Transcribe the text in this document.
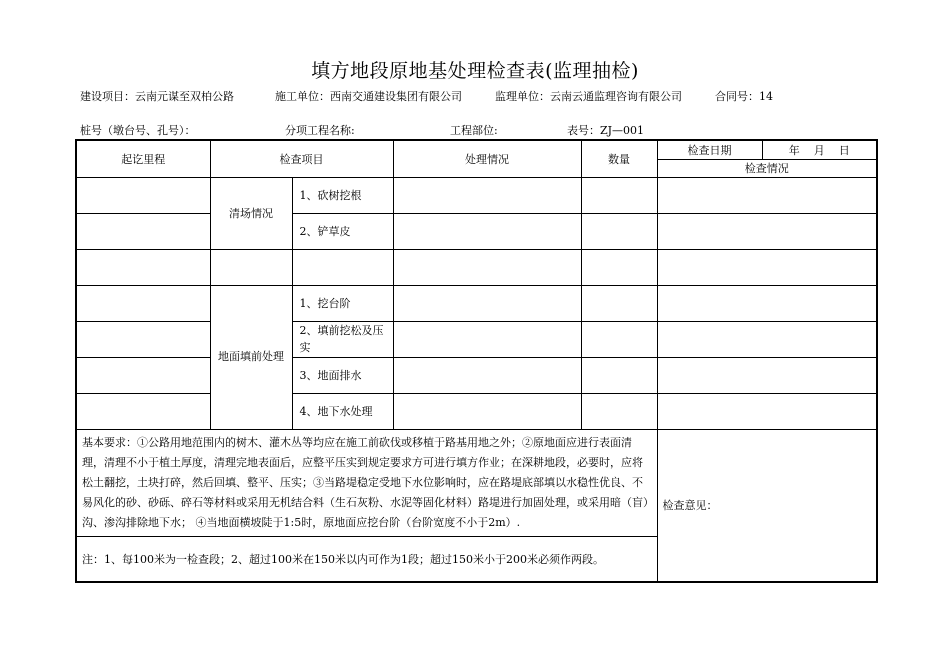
填方地段原地基处理检查表(监理抽检)
建设项目：云南元谋至双柏公路	施工单位：西南交通建设集团有限公司	监理单位：云南云通监理咨询有限公司	合同号：14
桩号（墩台号、孔号）：	分项工程名称:	工程部位:	表号：ZJ—001
起讫里程	检查项目		处理情况	数量	检查日期	年    月    日
					检查情况	
	清场情况	1、砍树挖根				
		2、铲草皮				

	地面填前处理	1、挖台阶				
		2、填前挖松及压实				
		3、地面排水				
		4、地下水处理				
基本要求：①公路用地范围内的树木、灌木丛等均应在施工前砍伐或移植于路基用地之外；②原地面应进行表面清理，清理不小于植土厚度，清理完地表面后，应整平压实到规定要求方可进行填方作业；在深耕地段，必要时，应将松土翻挖，土块打碎，然后回填、整平、压实；③当路堤稳定受地下水位影响时，应在路堤底部填以水稳性优良、不易风化的砂、砂砾、碎石等材料或采用无机结合料（生石灰粉、水泥等固化材料）路堤进行加固处理，或采用暗（盲）沟、渗沟排除地下水； ④当地面横坡陡于1:5时，原地面应挖台阶（台阶宽度不小于2m）.					检查意见：	
注：1、每100米为一检查段；2、超过100米在150米以内可作为1段；超过150米小于200米必须作两段。						
